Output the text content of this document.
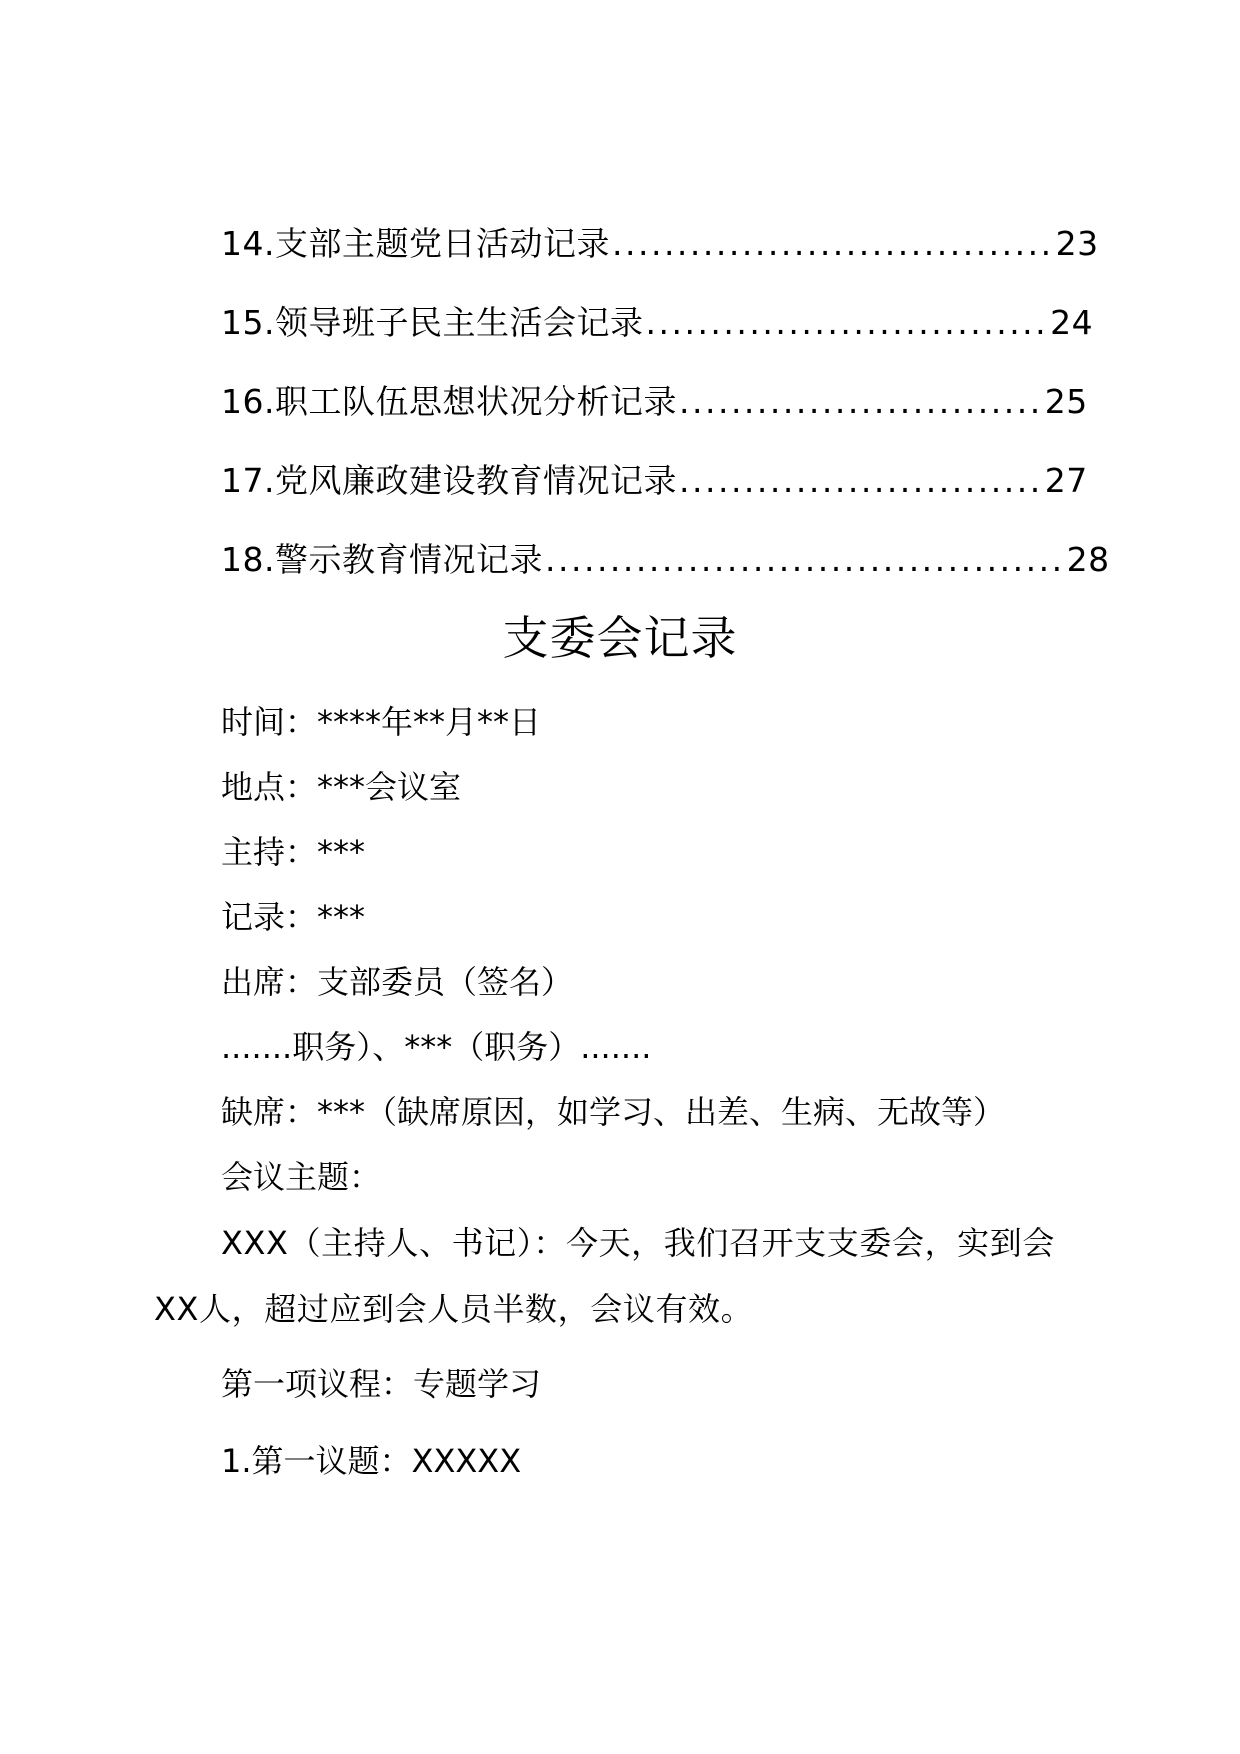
14.支部主题党日活动记录 .................................. 23
15.领导班子民主生活会记录 ............................... 24
16.职工队伍思想状况分析记录 ............................ 25
17.党风廉政建设教育情况记录 ............................ 27
18.警示教育情况记录 ........................................ 28
支委会记录

时间：****年**月**日

地点：***会议室

主持：***

记录：***

出席：支部委员（签名）

.......职务）、***（职务）.......

缺席：***（缺席原因，如学习、出差、生病、无故等）

会议主题：

XXX（主持人、书记）：今天，我们召开支支委会，实到会XX人，超过应到会人员半数，会议有效。

第一项议程：专题学习

1.第一议题：XXXXX
